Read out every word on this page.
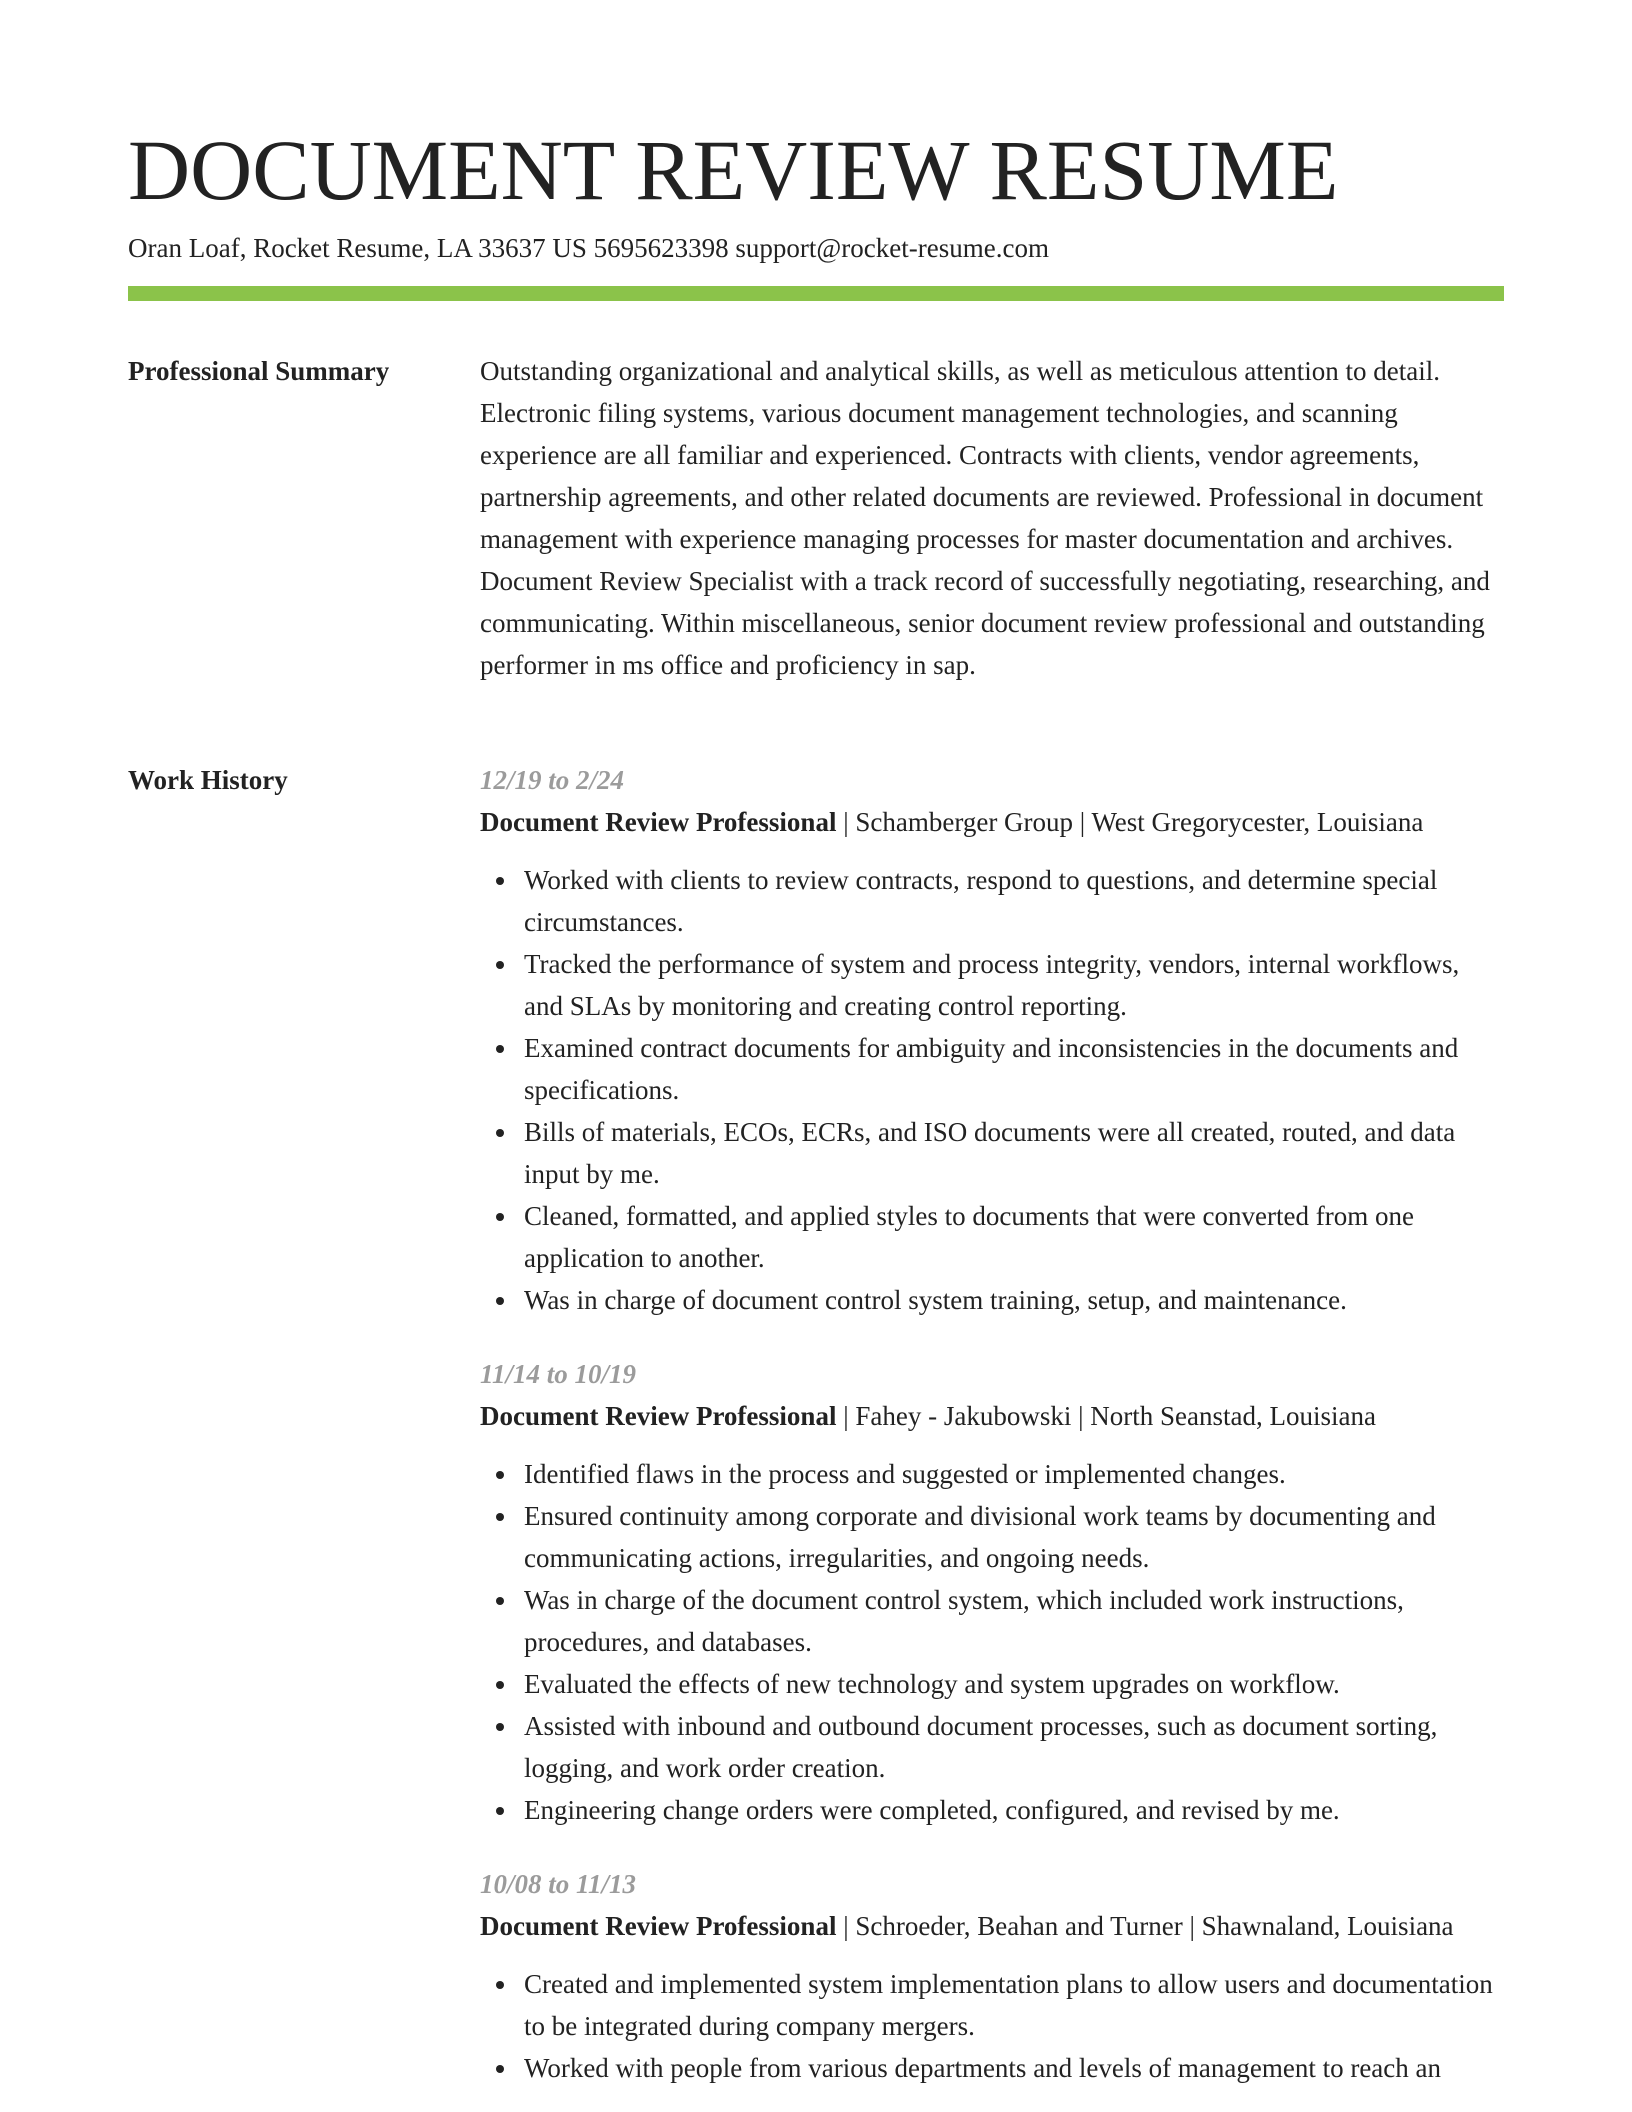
DOCUMENT REVIEW RESUME
Oran Loaf, Rocket Resume, LA 33637 US 5695623398 support@rocket-resume.com
Professional Summary	Outstanding organizational and analytical skills, as well as meticulous attention to detail. Electronic filing systems, various document management technologies, and scanning experience are all familiar and experienced. Contracts with clients, vendor agreements, partnership agreements, and other related documents are reviewed. Professional in document management with experience managing processes for master documentation and archives. Document Review Specialist with a track record of successfully negotiating, researching, and communicating. Within miscellaneous, senior document review professional and outstanding performer in ms office and proficiency in sap.

Work History	12/19 to 2/24
Document Review Professional | Schamberger Group | West Gregorycester, Louisiana
Worked with clients to review contracts, respond to questions, and determine special circumstances.
Tracked the performance of system and process integrity, vendors, internal workflows, and SLAs by monitoring and creating control reporting.
Examined contract documents for ambiguity and inconsistencies in the documents and specifications.
Bills of materials, ECOs, ECRs, and ISO documents were all created, routed, and data input by me.
Cleaned, formatted, and applied styles to documents that were converted from one application to another.
Was in charge of document control system training, setup, and maintenance.
11/14 to 10/19
Document Review Professional | Fahey - Jakubowski | North Seanstad, Louisiana
Identified flaws in the process and suggested or implemented changes.
Ensured continuity among corporate and divisional work teams by documenting and communicating actions, irregularities, and ongoing needs.
Was in charge of the document control system, which included work instructions, procedures, and databases.
Evaluated the effects of new technology and system upgrades on workflow.
Assisted with inbound and outbound document processes, such as document sorting, logging, and work order creation.
Engineering change orders were completed, configured, and revised by me.
10/08 to 11/13
Document Review Professional | Schroeder, Beahan and Turner | Shawnaland, Louisiana
Created and implemented system implementation plans to allow users and documentation to be integrated during company mergers.
Worked with people from various departments and levels of management to reach an
